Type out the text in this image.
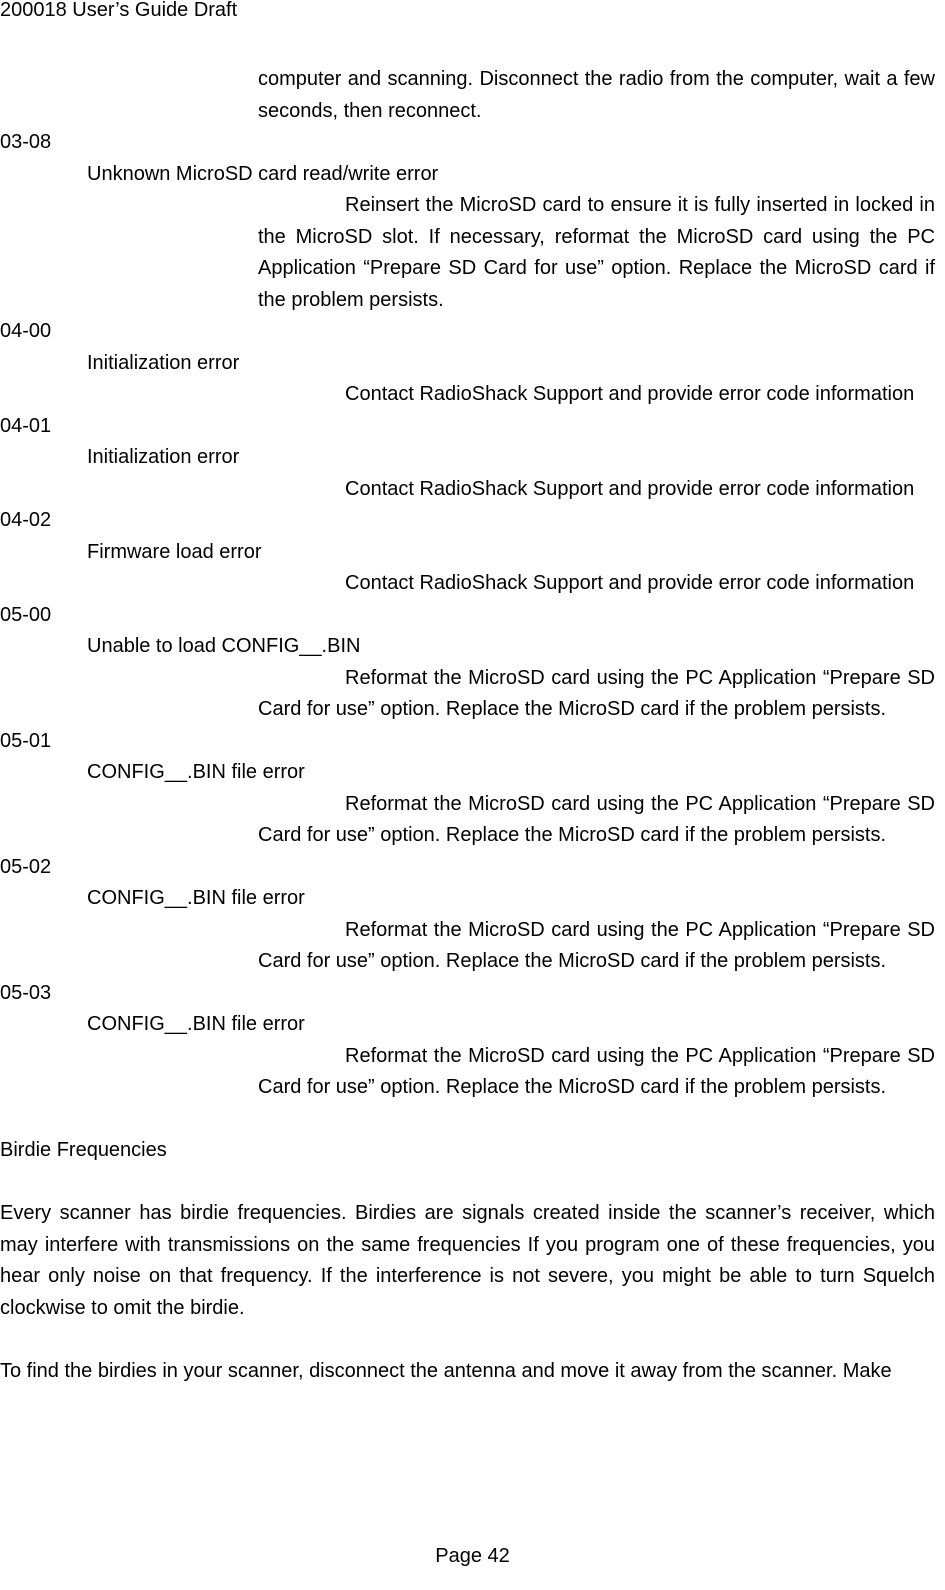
200018 User’s Guide Draft
computer and scanning. Disconnect the radio from the computer, wait a few seconds, then reconnect.
03-08
Unknown MicroSD card read/write error
Reinsert the MicroSD card to ensure it is fully inserted in locked in the MicroSD slot. If necessary, reformat the MicroSD card using the PC Application “Prepare SD Card for use” option. Replace the MicroSD card if the problem persists.
04-00
Initialization error
Contact RadioShack Support and provide error code information
04-01
Initialization error
Contact RadioShack Support and provide error code information
04-02
Firmware load error
Contact RadioShack Support and provide error code information
05-00
Unable to load CONFIG__.BIN
Reformat the MicroSD card using the PC Application “Prepare SD Card for use” option. Replace the MicroSD card if the problem persists.
05-01
CONFIG__.BIN file error
Reformat the MicroSD card using the PC Application “Prepare SD Card for use” option. Replace the MicroSD card if the problem persists.
05-02
CONFIG__.BIN file error
Reformat the MicroSD card using the PC Application “Prepare SD Card for use” option. Replace the MicroSD card if the problem persists.
05-03
CONFIG__.BIN file error
Reformat the MicroSD card using the PC Application “Prepare SD Card for use” option. Replace the MicroSD card if the problem persists.
Birdie Frequencies
Every scanner has birdie frequencies. Birdies are signals created inside the scanner’s receiver, which may interfere with transmissions on the same frequencies If you program one of these frequencies, you hear only noise on that frequency. If the interference is not severe, you might be able to turn Squelch clockwise to omit the birdie.
To find the birdies in your scanner, disconnect the antenna and move it away from the scanner. Make
Page 42
